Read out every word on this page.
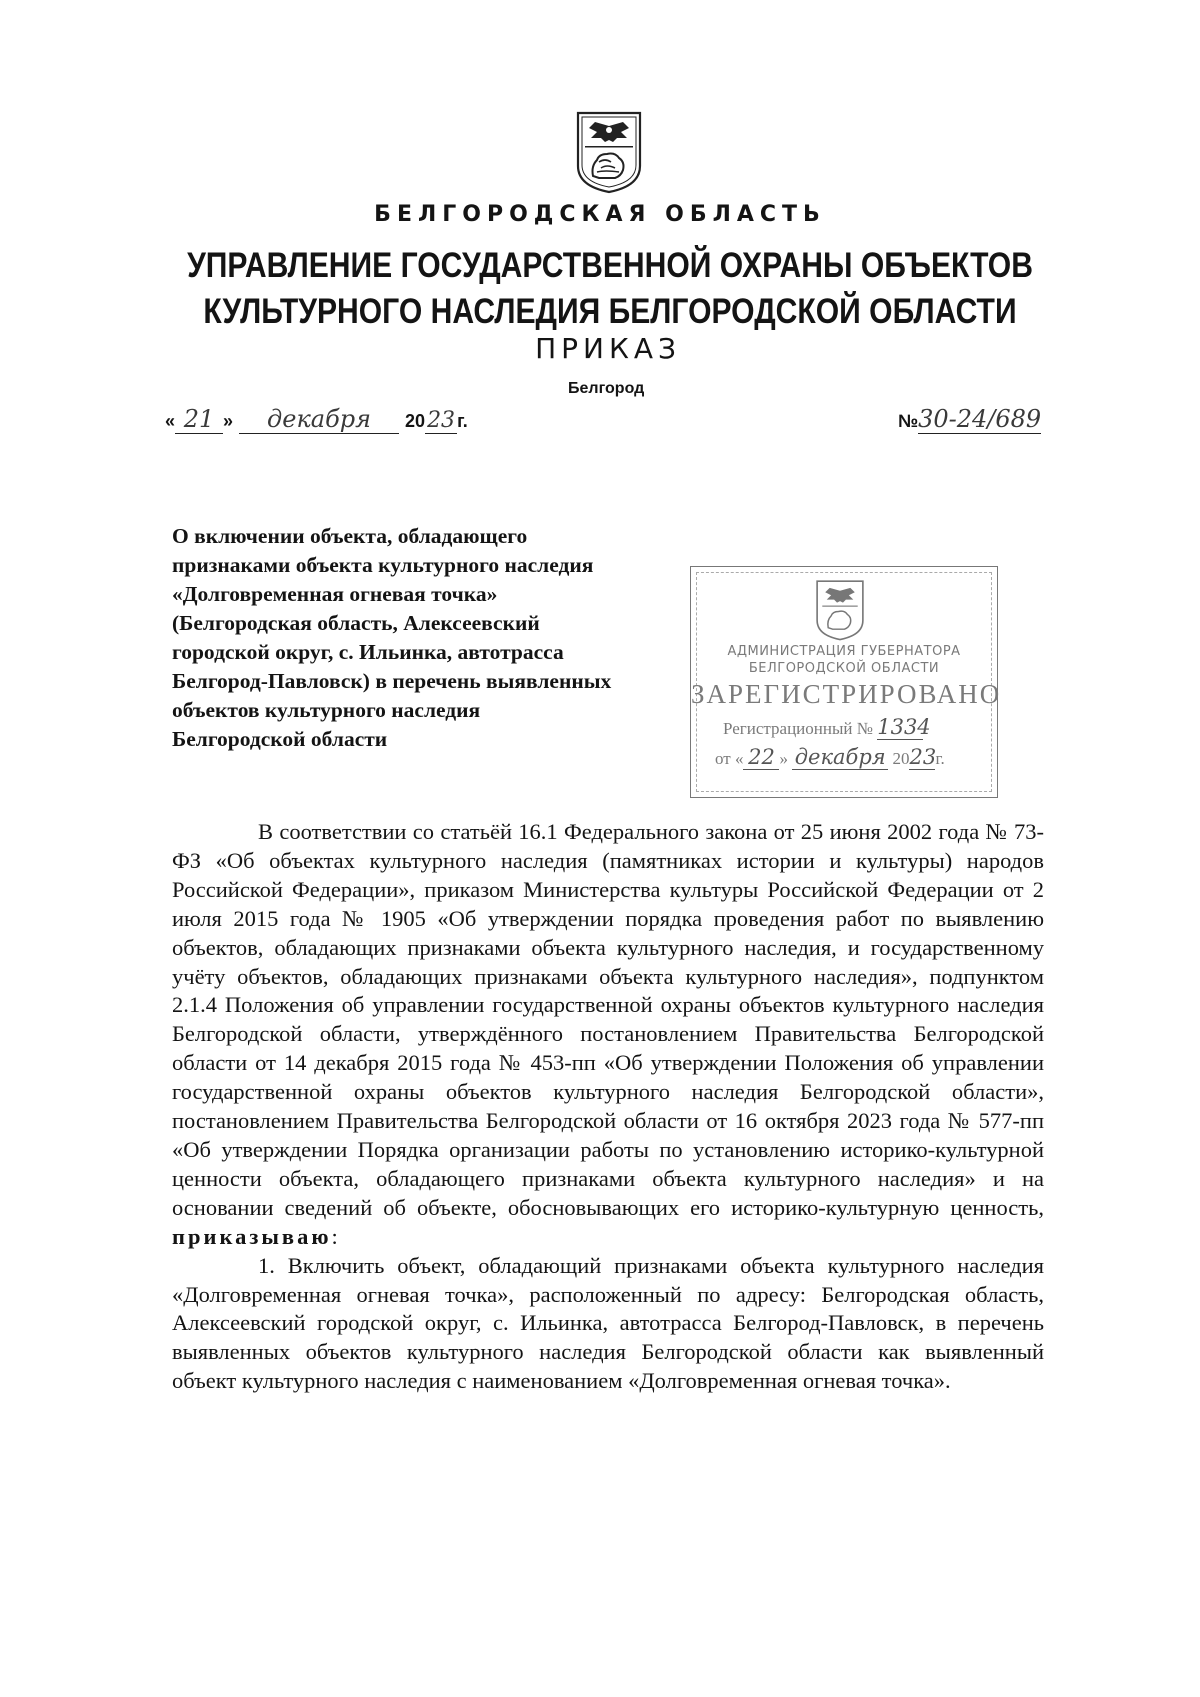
БЕЛГОРОДСКАЯ ОБЛАСТЬ
УПРАВЛЕНИЕ ГОСУДАРСТВЕННОЙ ОХРАНЫ ОБЪЕКТОВ
КУЛЬТУРНОГО НАСЛЕДИЯ БЕЛГОРОДСКОЙ ОБЛАСТИ
ПРИКАЗ
Белгород
« 21 » декабря 2023 г.	№30-24/689
О включении объекта, обладающего признаками объекта культурного наследия «Долговременная огневая точка» (Белгородская область, Алексеевский городской округ, с. Ильинка, автотрасса Белгород-Павловск) в перечень выявленных объектов культурного наследия Белгородской области
АДМИНИСТРАЦИЯ ГУБЕРНАТОРА
БЕЛГОРОДСКОЙ ОБЛАСТИ
ЗАРЕГИСТРИРОВАНО
Регистрационный № 1334
от « 22 » декабря 2023г.

В соответствии со статьёй 16.1 Федерального закона от 25 июня 2002 года № 73-ФЗ «Об объектах культурного наследия (памятниках истории и культуры) народов Российской Федерации», приказом Министерства культуры Российской Федерации от 2 июля 2015 года № 1905 «Об утверждении порядка проведения работ по выявлению объектов, обладающих признаками объекта культурного наследия, и государственному учёту объектов, обладающих признаками объекта культурного наследия», подпунктом 2.1.4 Положения об управлении государственной охраны объектов культурного наследия Белгородской области, утверждённого постановлением Правительства Белгородской области от 14 декабря 2015 года № 453-пп «Об утверждении Положения об управлении государственной охраны объектов культурного наследия Белгородской области», постановлением Правительства Белгородской области от 16 октября 2023 года № 577-пп «Об утверждении Порядка организации работы по установлению историко-культурной ценности объекта, обладающего признаками объекта культурного наследия» и на основании сведений об объекте, обосновывающих его историко-культурную ценность, приказываю:

1. Включить объект, обладающий признаками объекта культурного наследия «Долговременная огневая точка», расположенный по адресу: Белгородская область, Алексеевский городской округ, с. Ильинка, автотрасса Белгород-Павловск, в перечень выявленных объектов культурного наследия Белгородской области как выявленный объект культурного наследия с наименованием «Долговременная огневая точка».
